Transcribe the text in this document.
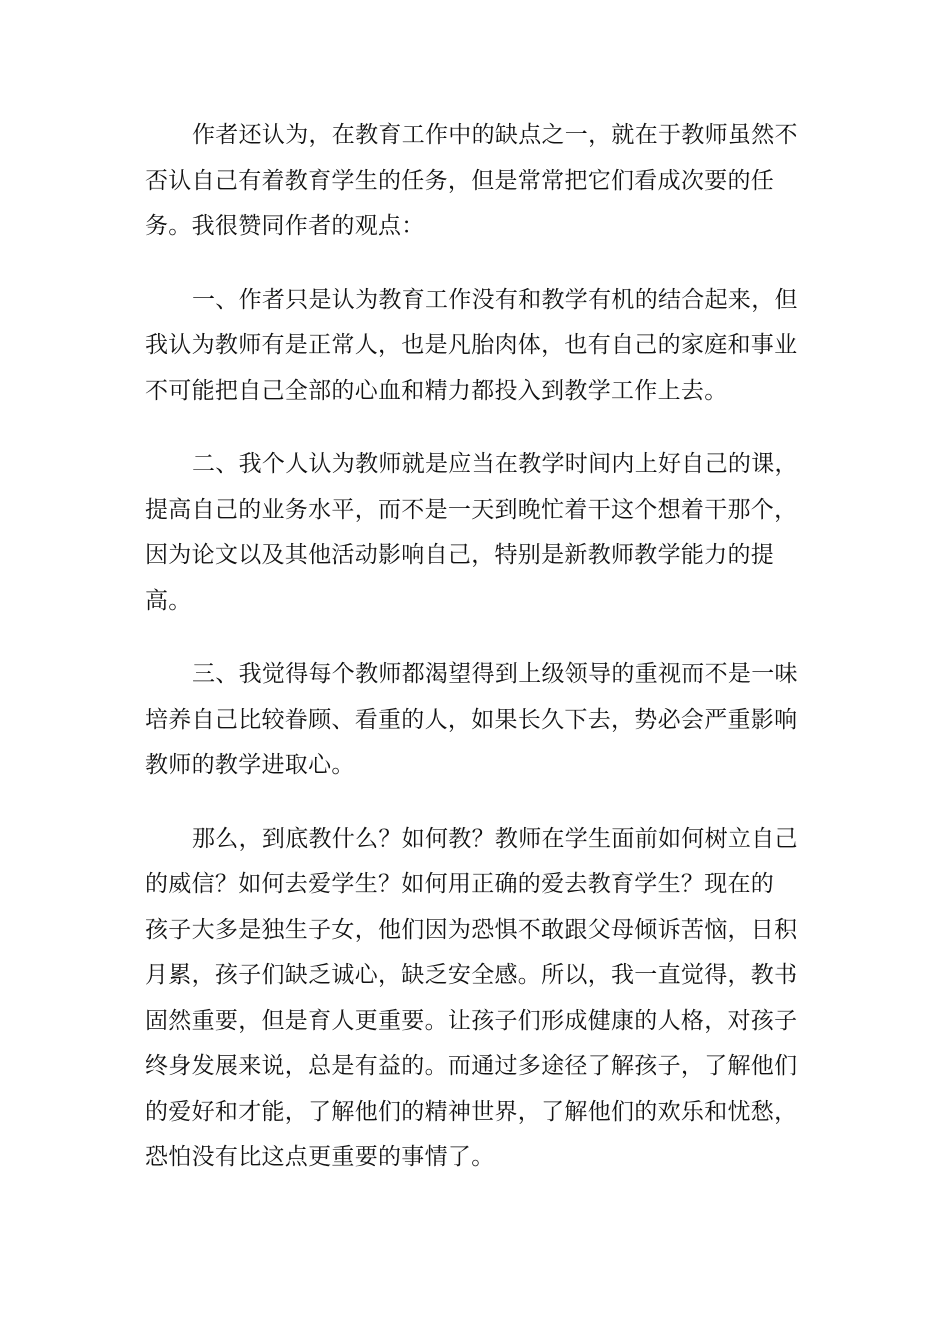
作者还认为，在教育工作中的缺点之一，就在于教师虽然不
否认自己有着教育学生的任务，但是常常把它们看成次要的任
务。我很赞同作者的观点：

一、作者只是认为教育工作没有和教学有机的结合起来，但
我认为教师有是正常人，也是凡胎肉体，也有自己的家庭和事业
不可能把自己全部的心血和精力都投入到教学工作上去。

二、我个人认为教师就是应当在教学时间内上好自己的课，
提高自己的业务水平，而不是一天到晚忙着干这个想着干那个，
因为论文以及其他活动影响自己，特别是新教师教学能力的提
高。

三、我觉得每个教师都渴望得到上级领导的重视而不是一味
培养自己比较眷顾、看重的人，如果长久下去，势必会严重影响
教师的教学进取心。

那么，到底教什么？如何教？教师在学生面前如何树立自己
的威信？如何去爱学生？如何用正确的爱去教育学生？现在的
孩子大多是独生子女，他们因为恐惧不敢跟父母倾诉苦恼，日积
月累，孩子们缺乏诚心，缺乏安全感。所以，我一直觉得，教书
固然重要，但是育人更重要。让孩子们形成健康的人格，对孩子
终身发展来说，总是有益的。而通过多途径了解孩子，了解他们
的爱好和才能，了解他们的精神世界，了解他们的欢乐和忧愁，
恐怕没有比这点更重要的事情了。
